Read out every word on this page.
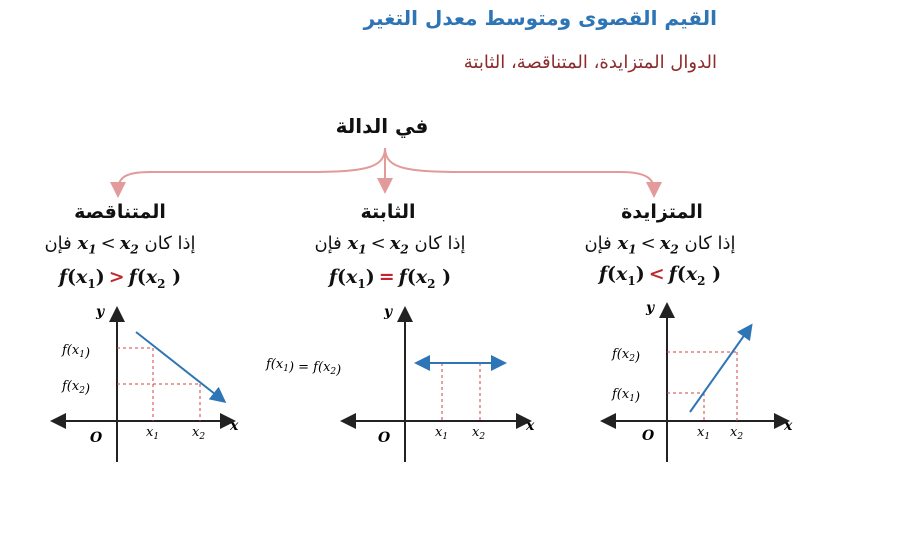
القيم القصوى ومتوسط معدل التغير
الدوال المتزايدة، المتناقصة، الثابتة
في الدالة
المتناقصة
فإن $x_1 < x_2$ إذا كان
$f(x_1) > f(x_2$ )
y
x
O	$x_1$	$x_2$
$f(x_1)$
$f(x_2)$
الثابتة
فإن $x_1 < x_2$ إذا كان
$f(x_1) = f(x_2$ )
y
x
O	$x_1$ $x_2$
$f(x_1) = f(x_2)$
المتزايدة
فإن $x_1 < x_2$ إذا كان
$f(x_1) < f(x_2$ )
y
x
O	$x_1$ $x_2$
$f(x_2)$
$f(x_1)$
